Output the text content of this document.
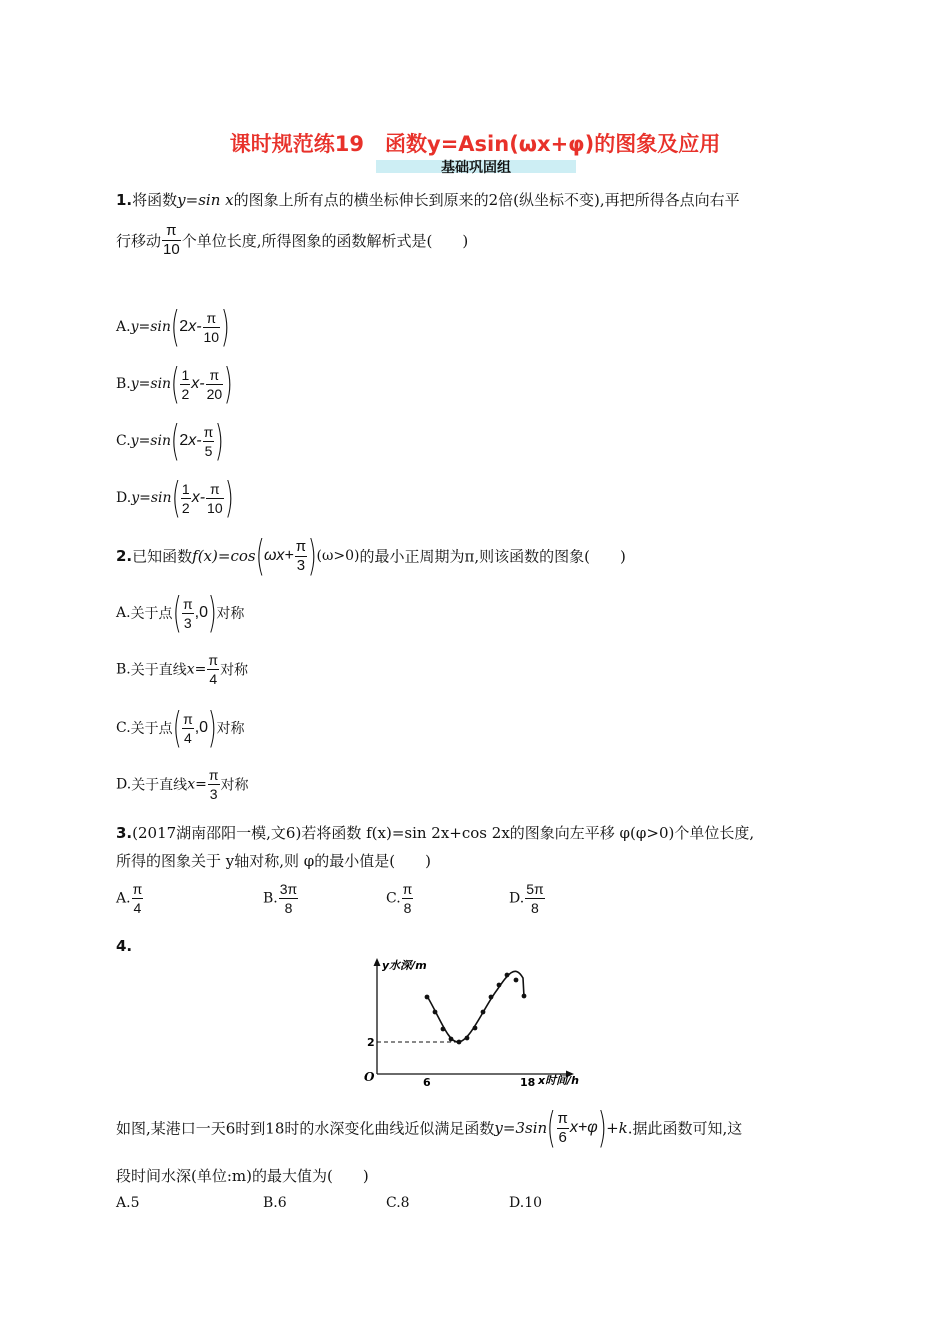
课时规范练19　函数y=Asin(ωx+φ)的图象及应用
基础巩固组
1.将函数y=sin x的图象上所有点的横坐标伸长到原来的2倍(纵坐标不变),再把所得各点向右平
行移动 $\frac{\pi}{10}$ 个单位长度,所得图象的函数解析式是(　　)
$A.y=\sin(2x- \frac{\pi}{10}$ )
$B.y=\sin( \frac{1}{2} x- \frac{\pi}{20}$ )
$C.y=\sin(2x- \frac{\pi}{5}$ )
$D.y=\sin( \frac{1}{2} x- \frac{\pi}{10}$ )
2.已知函数$f(x)=\cos(\omega x+ \frac{\pi}{3} )(\omega>0)$的最小正周期为π,则该函数的图象(　　)
A.关于点( $\frac{\pi}{3} ,0$)对称
B.关于直线$x= \frac{\pi}{4}$ 对称
C.关于点( $\frac{\pi}{4} ,0$)对称
D.关于直线$x= \frac{\pi}{3}$ 对称
3.(2017湖南邵阳一模,文6)若将函数 f(x)=sin 2x+cos 2x的图象向左平移 φ(φ>0)个单位长度,
所得的图象关于 y轴对称,则 φ的最小值是(　　)
A. $\frac{\pi}{4}$	B. $\frac{3\pi}{8}$	C. $\frac{\pi}{8}$	D. $\frac{5\pi}{8}$
4.
y水深/m
x时间/h
O	6	18
2
如图,某港口一天6时到18时的水深变化曲线近似满足函数$y=3\sin( \frac{\pi}{6} x+\varphi)+k$.据此函数可知,这
段时间水深(单位:m)的最大值为(　　)
A.5	B.6	C.8	D.10
